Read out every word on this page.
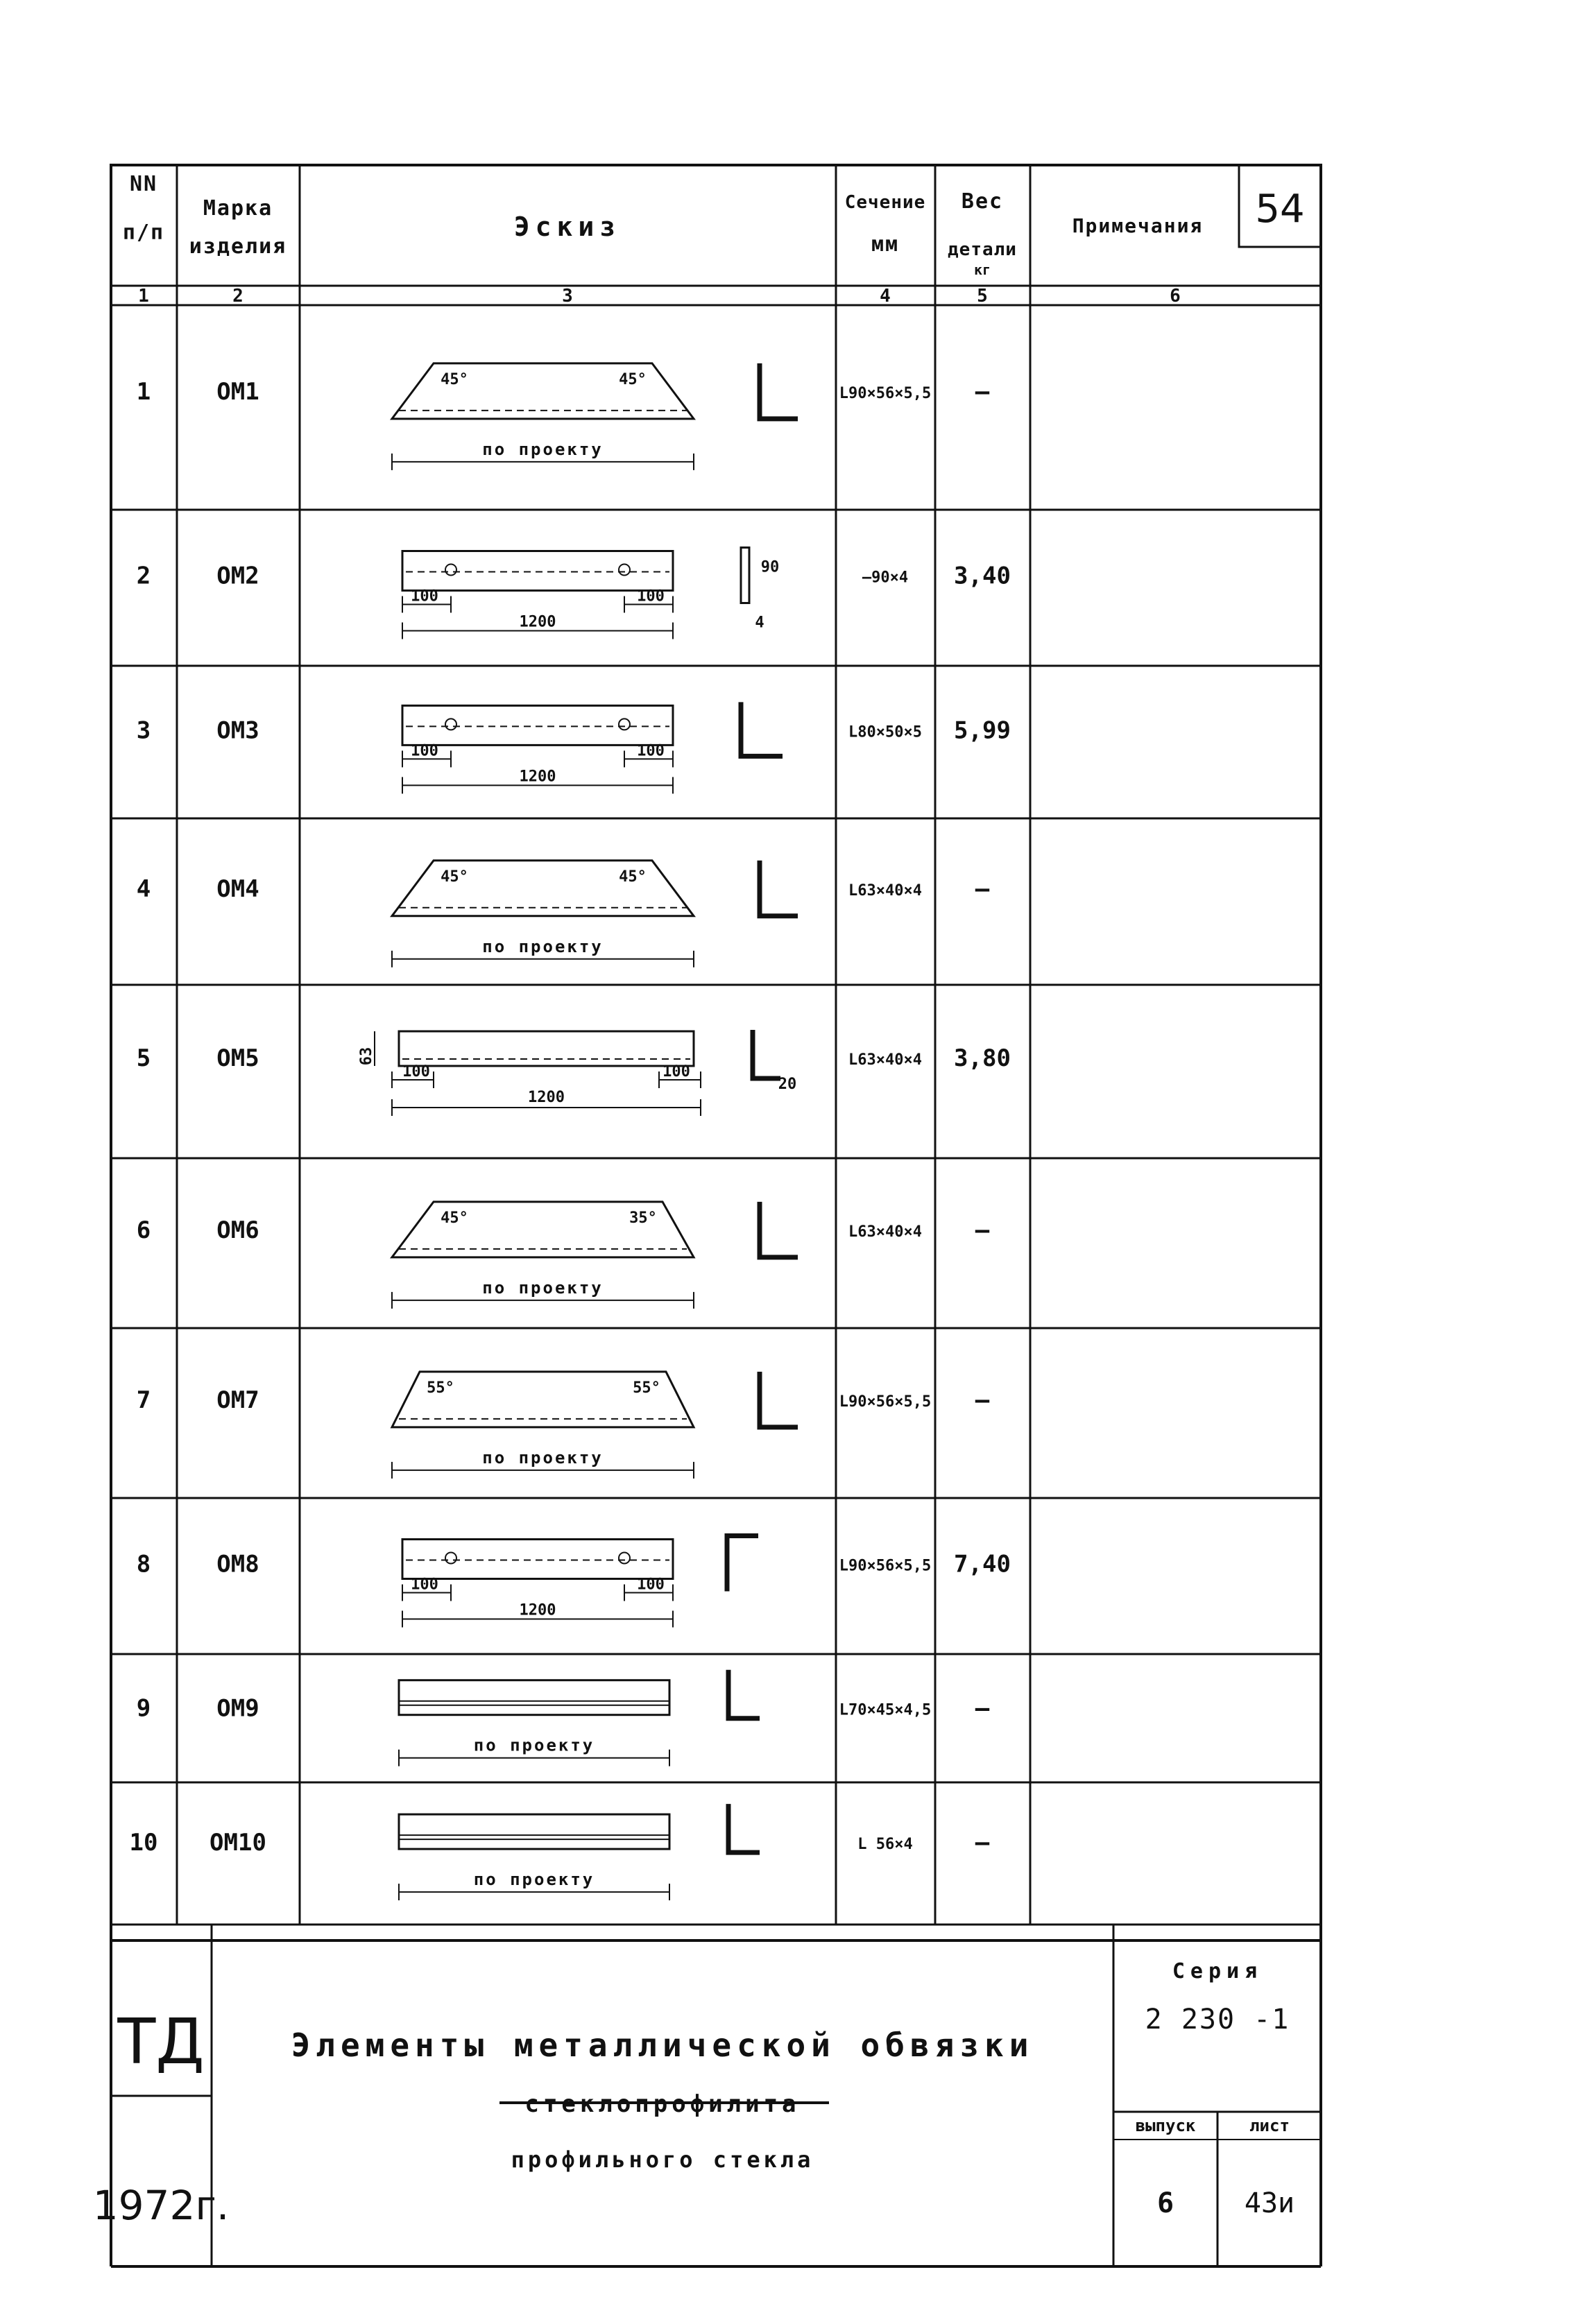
NN
п/п
Марка
изделия
Эскиз
Сечение
мм
Вес
детали
кг
Примечания 54
1	2	3	4	5	6
1	ОМ1	L90×56×5,5 –
45°	45°
по проекту
2	ОМ2	–90×4 3,40
100	100
1200
90
4
3	ОМ3	L80×50×5 5,99
100	100
1200
4	ОМ4	L63×40×4 –
45°	45°
по проекту
5	ОМ5	L63×40×4 3,80
63
100	100
1200
20
6	ОМ6	L63×40×4 –
45°	35°
по проекту
7	ОМ7	L90×56×5,5 –
55°	55°
по проекту
8	ОМ8	L90×56×5,5 7,40
100	100
1200
9	ОМ9	L70×45×4,5 –
по проекту
10 ОМ10	L 56×4	–
по проекту
ТД
1972г.
Элементы металлической обвязки
стеклопрофилита
профильного стекла
Серия
2 230 -1
выпуск	лист
6	43и
